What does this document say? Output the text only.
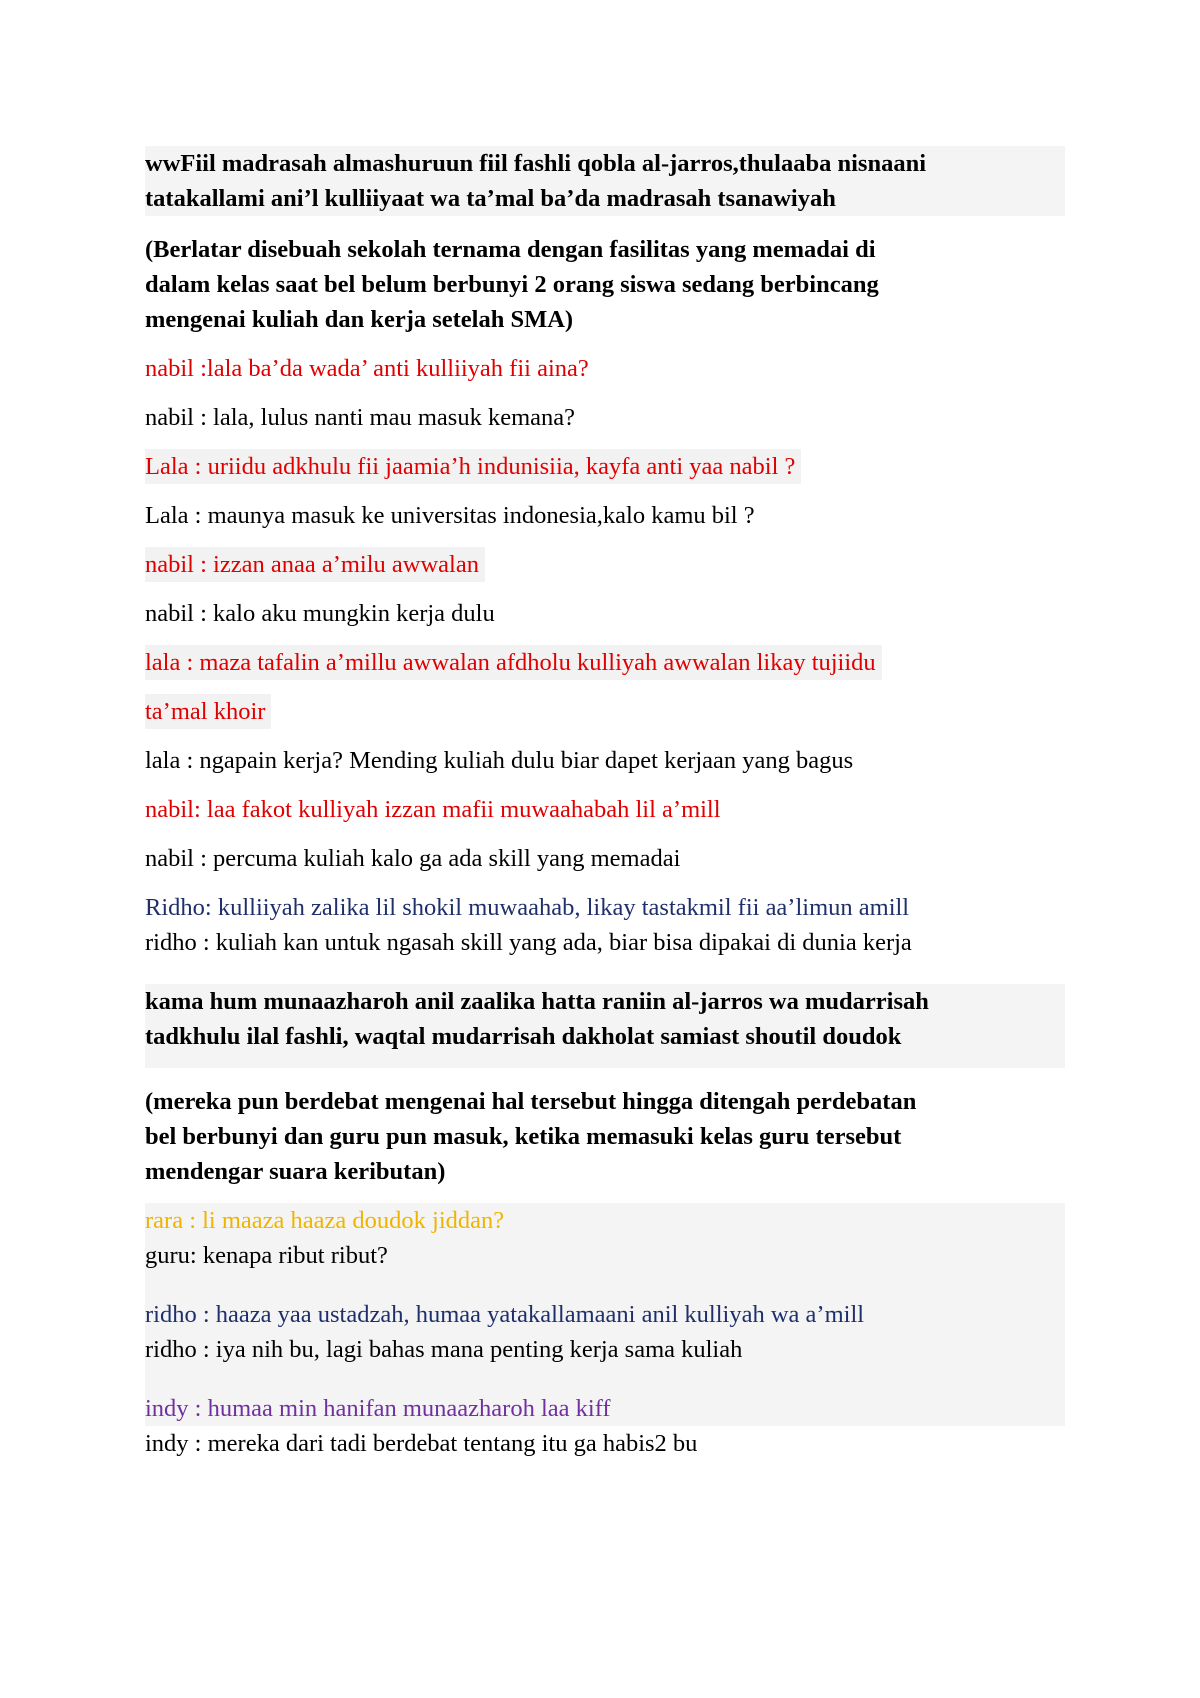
wwFiil madrasah almashuruun fiil fashli qobla al-jarros,thulaaba nisnaani
tatakallami ani’l kulliiyaat wa ta’mal ba’da madrasah tsanawiyah
(Berlatar disebuah sekolah ternama dengan fasilitas yang memadai di
dalam kelas saat bel belum berbunyi 2 orang siswa sedang berbincang
mengenai kuliah dan kerja setelah SMA)
nabil :lala ba’da wada’ anti kulliiyah fii aina?
nabil : lala, lulus nanti mau masuk kemana?
Lala : uriidu adkhulu fii jaamia’h indunisiia, kayfa anti yaa nabil ?
Lala : maunya masuk ke universitas indonesia,kalo kamu bil ?
nabil : izzan anaa a’milu awwalan
nabil : kalo aku mungkin kerja dulu
lala : maza tafalin a’millu awwalan afdholu kulliyah awwalan likay tujiidu
ta’mal khoir
lala : ngapain kerja? Mending kuliah dulu biar dapet kerjaan yang bagus
nabil: laa fakot kulliyah izzan mafii muwaahabah lil a’mill
nabil : percuma kuliah kalo ga ada skill yang memadai
Ridho: kulliiyah zalika lil shokil muwaahab, likay tastakmil fii aa’limun amill
ridho : kuliah kan untuk ngasah skill yang ada, biar bisa dipakai di dunia kerja
kama hum munaazharoh anil zaalika hatta raniin al-jarros wa mudarrisah
tadkhulu ilal fashli, waqtal mudarrisah dakholat samiast shoutil doudok
(mereka pun berdebat mengenai hal tersebut hingga ditengah perdebatan
bel berbunyi dan guru pun masuk, ketika memasuki kelas guru tersebut
mendengar suara keributan)
rara : li maaza haaza doudok jiddan?
guru: kenapa ribut ribut?
ridho : haaza yaa ustadzah, humaa yatakallamaani anil kulliyah wa a’mill
ridho : iya nih bu, lagi bahas mana penting kerja sama kuliah
indy : humaa min hanifan munaazharoh laa kiff
indy : mereka dari tadi berdebat tentang itu ga habis2 bu
